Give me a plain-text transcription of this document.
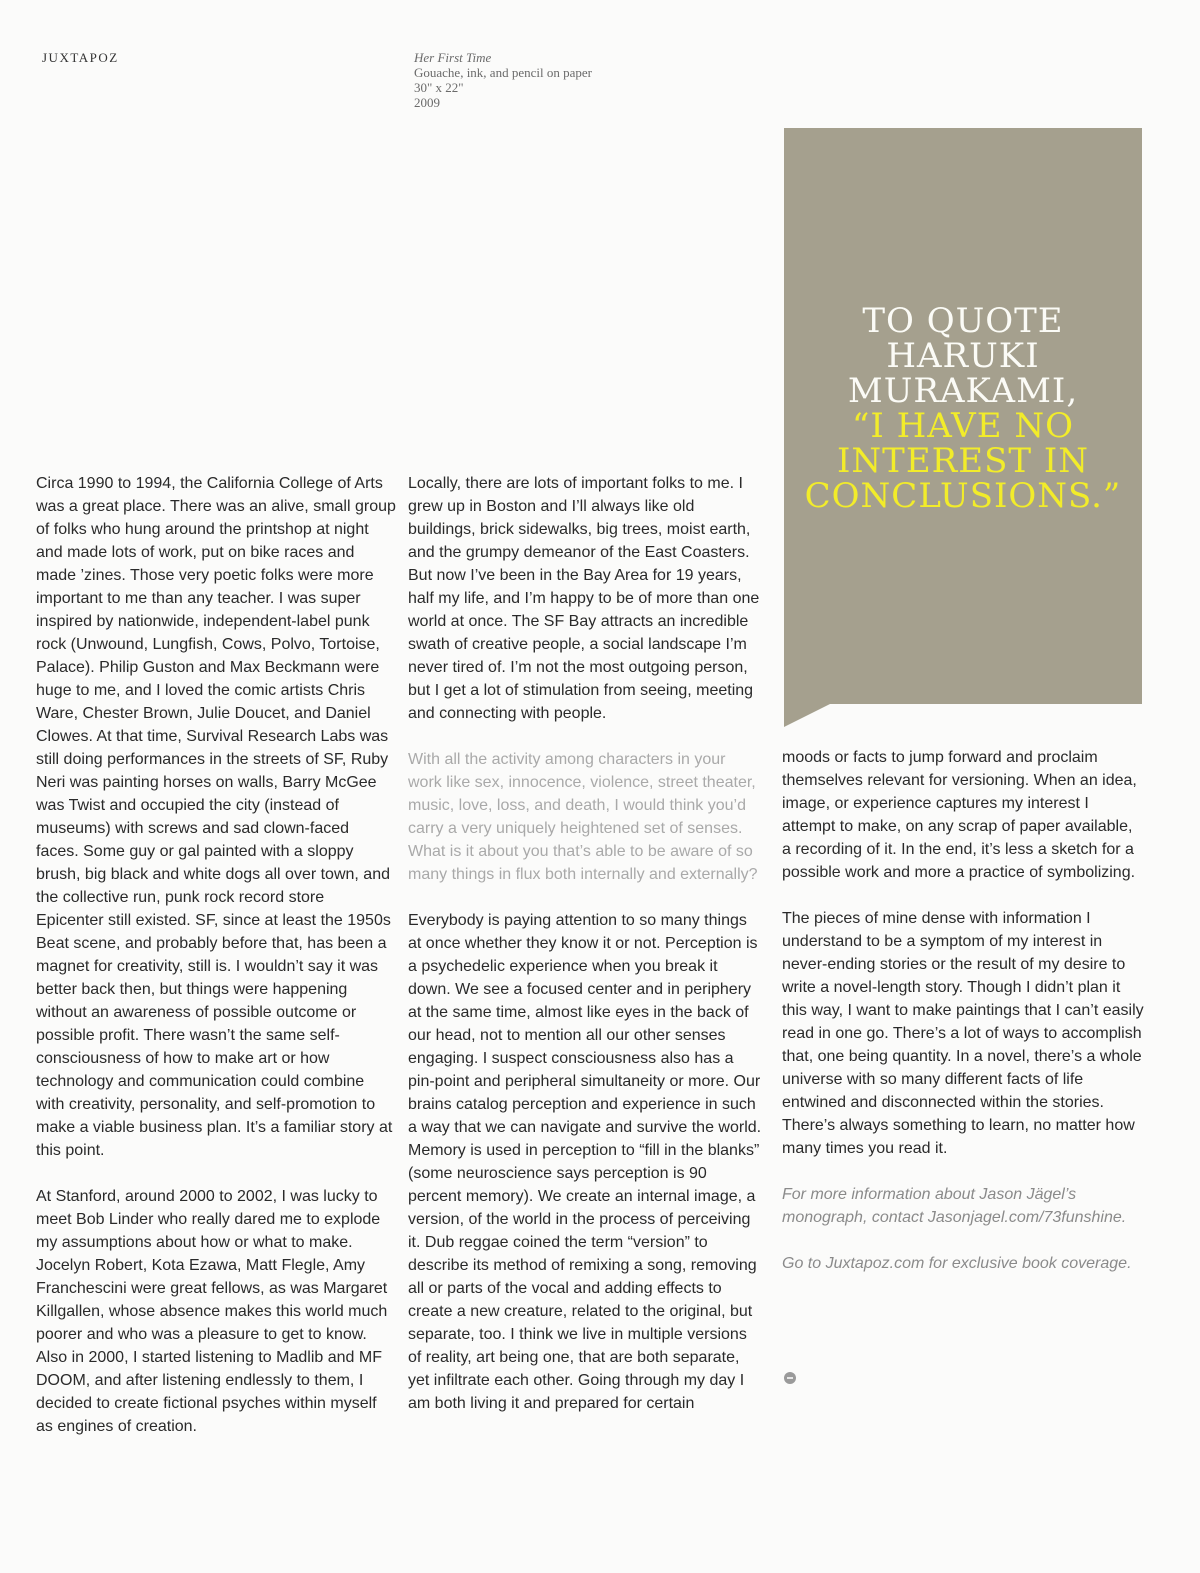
JUXTAPOZ	Her First Time
Gouache, ink, and pencil on paper
30" x 22"
2009
TO QUOTE
HARUKI
MURAKAMI,
“I HAVE NO
INTEREST IN
CONCLUSIONS.”

Circa 1990 to 1994, the California College of Arts was a great place. There was an alive, small group of folks who hung around the printshop at night and made lots of work, put on bike races and made ’zines. Those very poetic folks were more important to me than any teacher. I was super inspired by nationwide, independent-label punk rock (Unwound, Lungfish, Cows, Polvo, Tortoise, Palace). Philip Guston and Max Beckmann were huge to me, and I loved the comic artists Chris Ware, Chester Brown, Julie Doucet, and Daniel Clowes. At that time, Survival Research Labs was still doing performances in the streets of SF, Ruby Neri was painting horses on walls, Barry McGee was Twist and occupied the city (instead of museums) with screws and sad clown-faced faces. Some guy or gal painted with a sloppy brush, big black and white dogs all over town, and the collective run, punk rock record store Epicenter still existed. SF, since at least the 1950s Beat scene, and probably before that, has been a magnet for creativity, still is. I wouldn’t say it was better back then, but things were happening without an awareness of possible outcome or possible profit. There wasn’t the same self-consciousness of how to make art or how technology and communication could combine with creativity, personality, and self-promotion to make a viable business plan. It’s a familiar story at this point.

At Stanford, around 2000 to 2002, I was lucky to meet Bob Linder who really dared me to explode my assumptions about how or what to make. Jocelyn Robert, Kota Ezawa, Matt Flegle, Amy Franchescini were great fellows, as was Margaret Killgallen, whose absence makes this world much poorer and who was a pleasure to get to know. Also in 2000, I started listening to Madlib and MF DOOM, and after listening endlessly to them, I decided to create fictional psyches within myself as engines of creation.

Locally, there are lots of important folks to me. I grew up in Boston and I’ll always like old buildings, brick sidewalks, big trees, moist earth, and the grumpy demeanor of the East Coasters. But now I’ve been in the Bay Area for 19 years, half my life, and I’m happy to be of more than one world at once. The SF Bay attracts an incredible swath of creative people, a social landscape I’m never tired of. I’m not the most outgoing person, but I get a lot of stimulation from seeing, meeting and connecting with people.

With all the activity among characters in your work like sex, innocence, violence, street theater, music, love, loss, and death, I would think you’d carry a very uniquely heightened set of senses. What is it about you that’s able to be aware of so many things in flux both internally and externally?

Everybody is paying attention to so many things at once whether they know it or not. Perception is a psychedelic experience when you break it down. We see a focused center and in periphery at the same time, almost like eyes in the back of our head, not to mention all our other senses engaging. I suspect consciousness also has a pin-point and peripheral simultaneity or more. Our brains catalog perception and experience in such a way that we can navigate and survive the world. Memory is used in perception to “fill in the blanks” (some neuroscience says perception is 90 percent memory). We create an internal image, a version, of the world in the process of perceiving it. Dub reggae coined the term “version” to describe its method of remixing a song, removing all or parts of the vocal and adding effects to create a new creature, related to the original, but separate, too. I think we live in multiple versions of reality, art being one, that are both separate, yet infiltrate each other. Going through my day I am both living it and prepared for certain

moods or facts to jump forward and proclaim themselves relevant for versioning. When an idea, image, or experience captures my interest I attempt to make, on any scrap of paper available, a recording of it. In the end, it’s less a sketch for a possible work and more a practice of symbolizing.

The pieces of mine dense with information I understand to be a symptom of my interest in never-ending stories or the result of my desire to write a novel-length story. Though I didn’t plan it this way, I want to make paintings that I can’t easily read in one go. There’s a lot of ways to accomplish that, one being quantity. In a novel, there’s a whole universe with so many different facts of life entwined and disconnected within the stories. There’s always something to learn, no matter how many times you read it.

For more information about Jason Jägel’s monograph, contact Jasonjagel.com/73funshine.

Go to Juxtapoz.com for exclusive book coverage.
